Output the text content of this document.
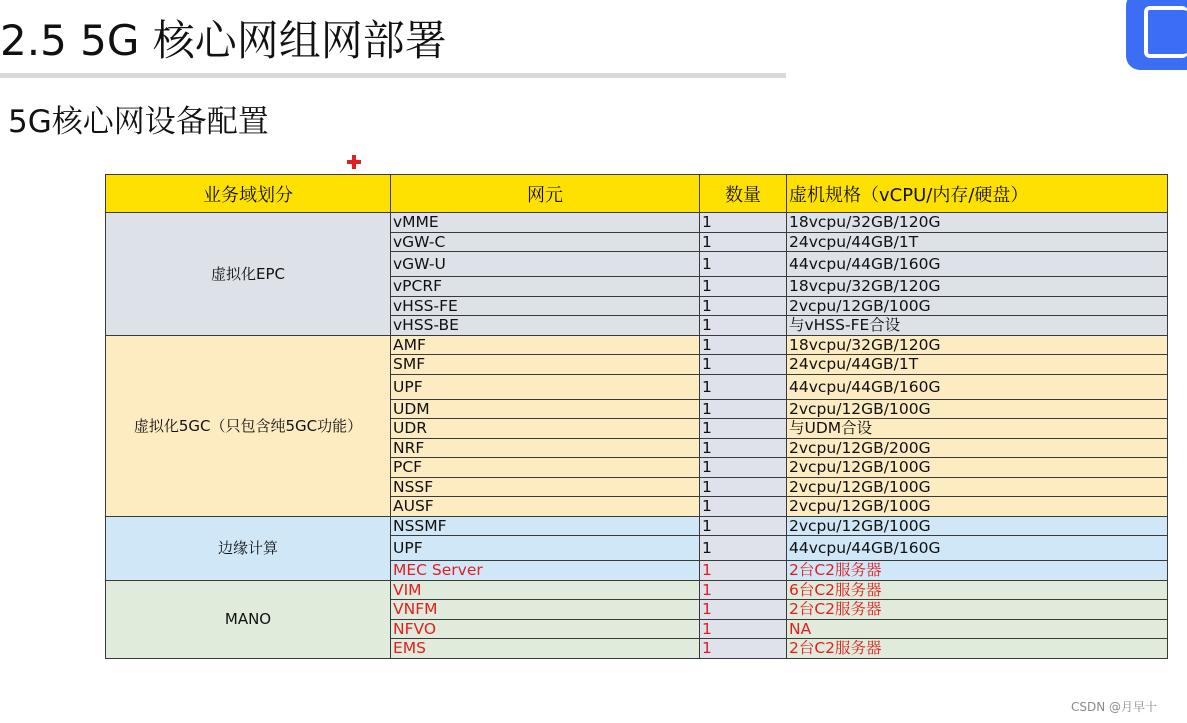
2.5 5G 核心网组网部署
5G核心网设备配置
业务域划分	网元	数量	虚机规格（vCPU/内存/硬盘）
虚拟化EPC	vMME	1	18vcpu/32GB/120G
	vGW-C	1	24vcpu/44GB/1T
	vGW-U	1	44vcpu/44GB/160G
	vPCRF	1	18vcpu/32GB/120G
	vHSS-FE	1	2vcpu/12GB/100G
	vHSS-BE	1	与vHSS-FE合设
虚拟化5GC（只包含纯5GC功能）	AMF	1	18vcpu/32GB/120G
	SMF	1	24vcpu/44GB/1T
	UPF	1	44vcpu/44GB/160G
	UDM	1	2vcpu/12GB/100G
	UDR	1	与UDM合设
	NRF	1	2vcpu/12GB/200G
	PCF	1	2vcpu/12GB/100G
	NSSF	1	2vcpu/12GB/100G
	AUSF	1	2vcpu/12GB/100G
边缘计算	NSSMF	1	2vcpu/12GB/100G
	UPF	1	44vcpu/44GB/160G
	MEC Server	1	2台C2服务器
MANO	VIM	1	6台C2服务器
	VNFM	1	2台C2服务器
	NFVO	1	NA
	EMS	1	2台C2服务器
CSDN @月早十
